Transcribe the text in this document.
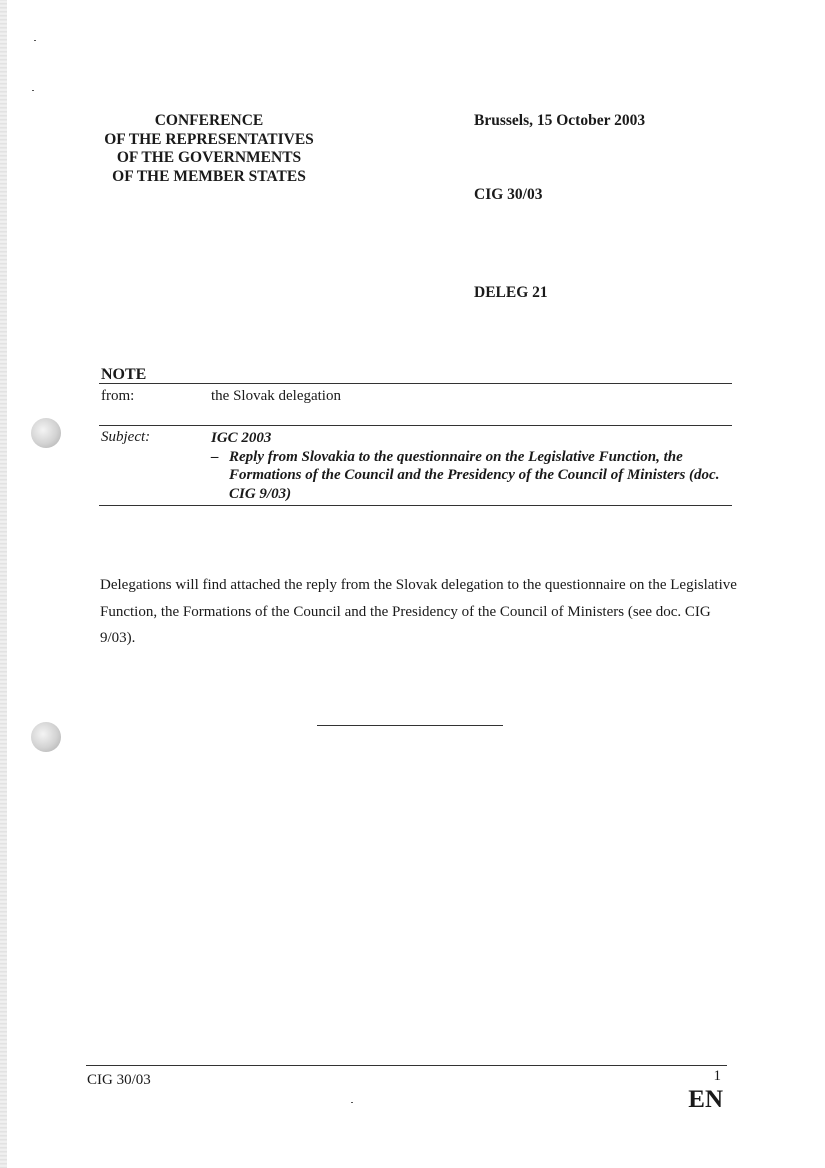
CONFERENCE
OF THE REPRESENTATIVES
OF THE GOVERNMENTS
OF THE MEMBER STATES
Brussels, 15 October 2003
CIG 30/03
DELEG 21
NOTE
from:	the Slovak delegation
Subject:	IGC 2003
– Reply from Slovakia to the questionnaire on the Legislative Function, the Formations of the Council and the Presidency of the Council of Ministers (doc. CIG 9/03)
Delegations will find attached the reply from the Slovak delegation to the questionnaire on the Legislative Function, the Formations of the Council and the Presidency of the Council of Ministers (see doc. CIG 9/03).
CIG 30/03	1
EN
